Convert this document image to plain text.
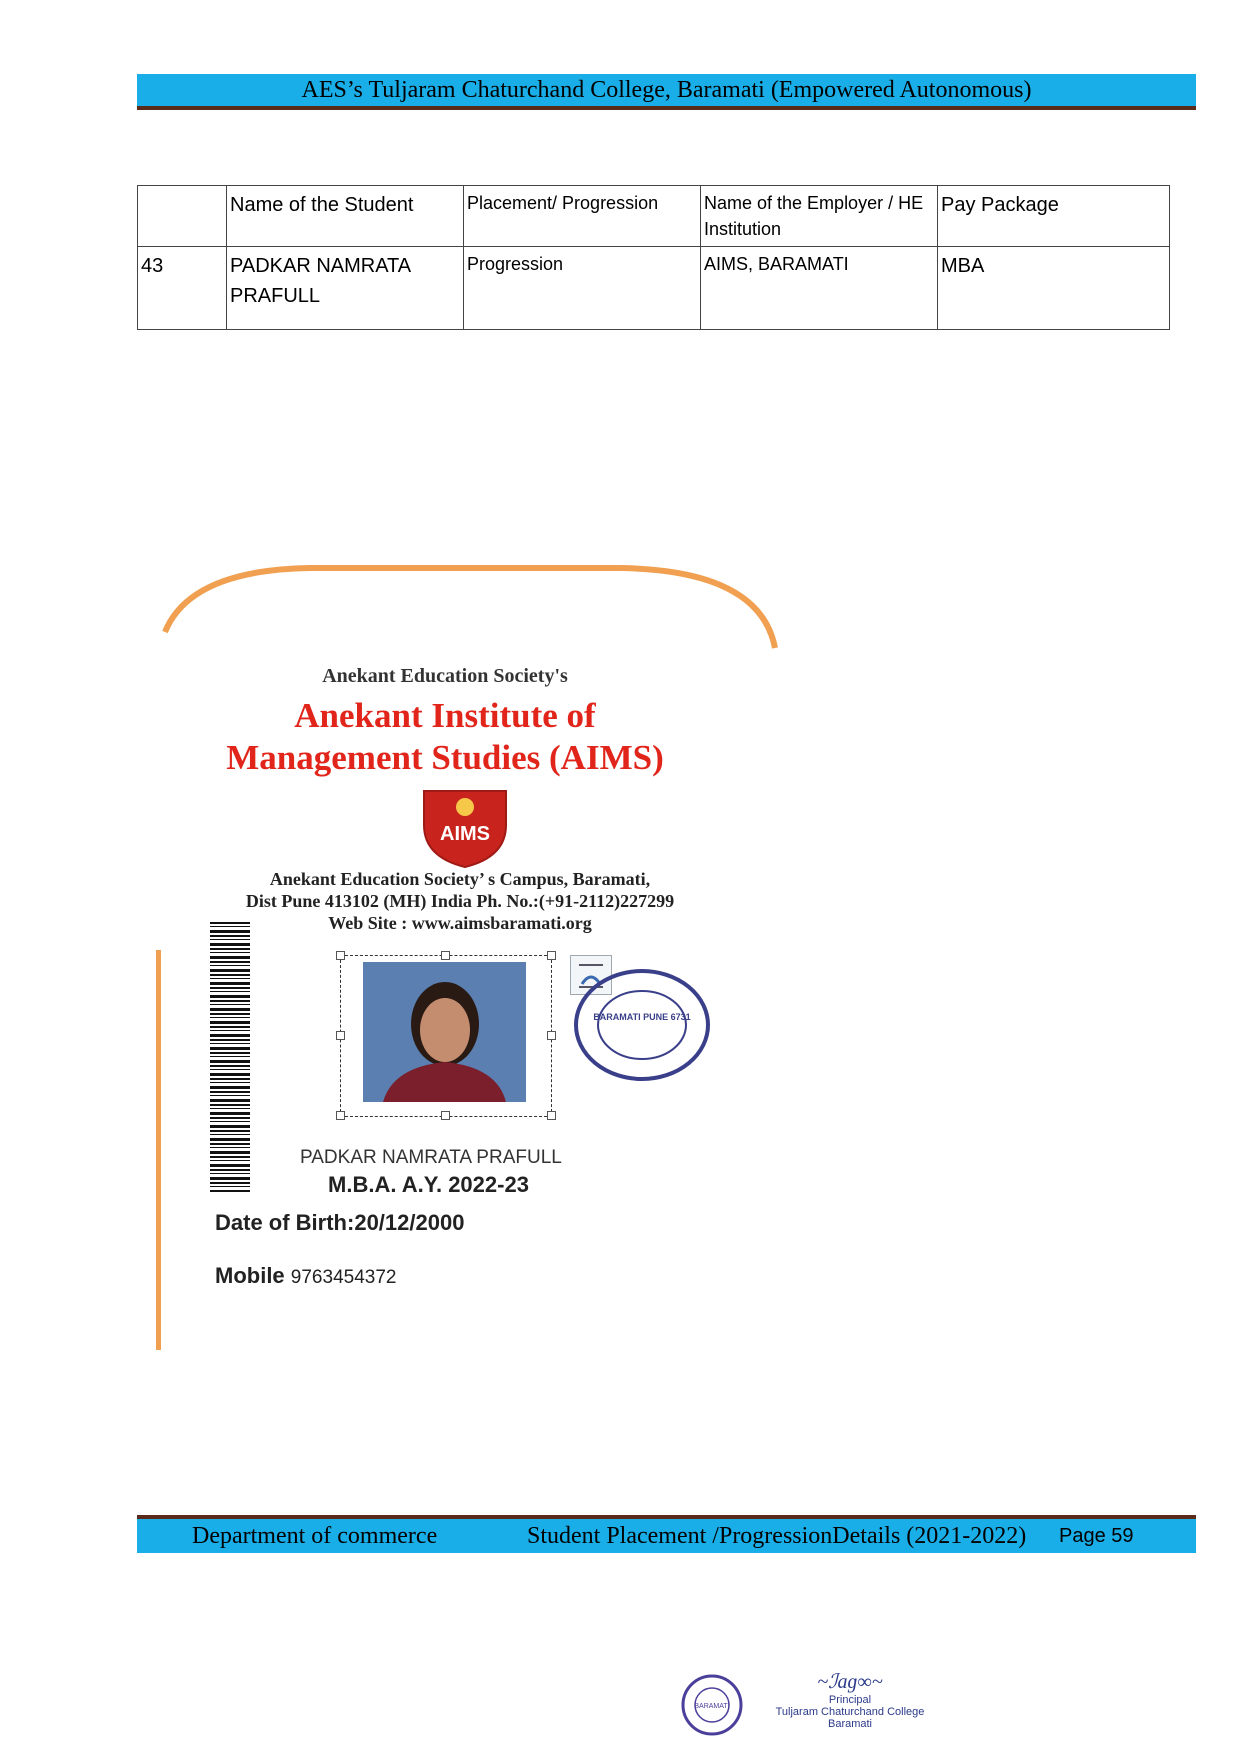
AES’s Tuljaram Chaturchand College, Baramati (Empowered Autonomous)
	Name of the Student	Placement/ Progression	Name of the Employer / HE Institution	Pay Package
43	PADKAR NAMRATA PRAFULL	Progression	AIMS, BARAMATI	MBA
Anekant Education Society's
Anekant Institute of
Management Studies (AIMS)
AIMS
Anekant Education Society’ s Campus, Baramati,
Dist Pune 413102 (MH) India Ph. No.:(+91-2112)227299
Web Site : www.aimsbaramati.org
BARAMATI PUNE 6731
PADKAR NAMRATA PRAFULL
M.B.A. A.Y. 2022-23
Date of Birth:20/12/2000
Mobile 9763454372
Department of commerce	Student Placement /ProgressionDetails (2021-2022) Page 59
BARAMATI
~ℐaɡ∞~
Principal
Tuljaram Chaturchand College
Baramati
